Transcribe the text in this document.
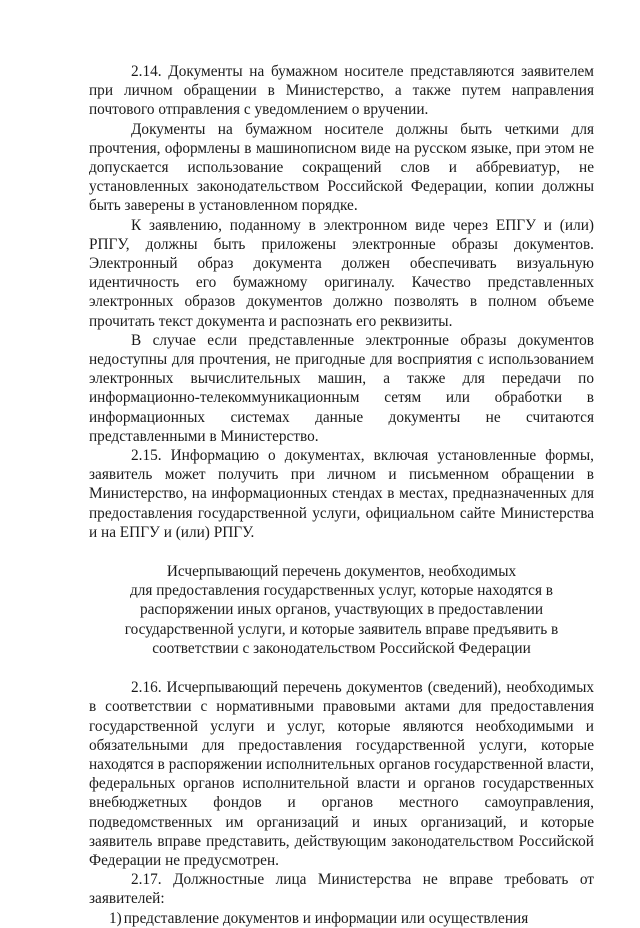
2.14. Документы на бумажном носителе представляются заявителем при личном обращении в Министерство, а также путем направления почтового отправления с уведомлением о вручении.

Документы на бумажном носителе должны быть четкими для прочтения, оформлены в машинописном виде на русском языке, при этом не допускается использование сокращений слов и аббревиатур, не установленных законодательством Российской Федерации, копии должны быть заверены в установленном порядке.

К заявлению, поданному в электронном виде через ЕПГУ и (или) РПГУ, должны быть приложены электронные образы документов. Электронный образ документа должен обеспечивать визуальную идентичность его бумажному оригиналу. Качество представленных электронных образов документов должно позволять в полном объеме прочитать текст документа и распознать его реквизиты.

В случае если представленные электронные образы документов недоступны для прочтения, не пригодные для восприятия с использованием электронных вычислительных машин, а также для передачи по информационно-телекоммуникационным сетям или обработки в информационных системах данные документы не считаются представленными в Министерство.

2.15. Информацию о документах, включая установленные формы, заявитель может получить при личном и письменном обращении в Министерство, на информационных стендах в местах, предназначенных для предоставления государственной услуги, официальном сайте Министерства и на ЕПГУ и (или) РПГУ.

Исчерпывающий перечень документов, необходимых
для предоставления государственных услуг, которые находятся в
распоряжении иных органов, участвующих в предоставлении
государственной услуги, и которые заявитель вправе предъявить в
соответствии с законодательством Российской Федерации

2.16. Исчерпывающий перечень документов (сведений), необходимых в соответствии с нормативными правовыми актами для предоставления государственной услуги и услуг, которые являются необходимыми и обязательными для предоставления государственной услуги, которые находятся в распоряжении исполнительных органов государственной власти, федеральных органов исполнительной власти и органов государственных внебюджетных фондов и органов местного самоуправления, подведомственных им организаций и иных организаций, и которые заявитель вправе представить, действующим законодательством Российской Федерации не предусмотрен.

2.17. Должностные лица Министерства не вправе требовать от заявителей:

1) представление документов и информации или осуществления
